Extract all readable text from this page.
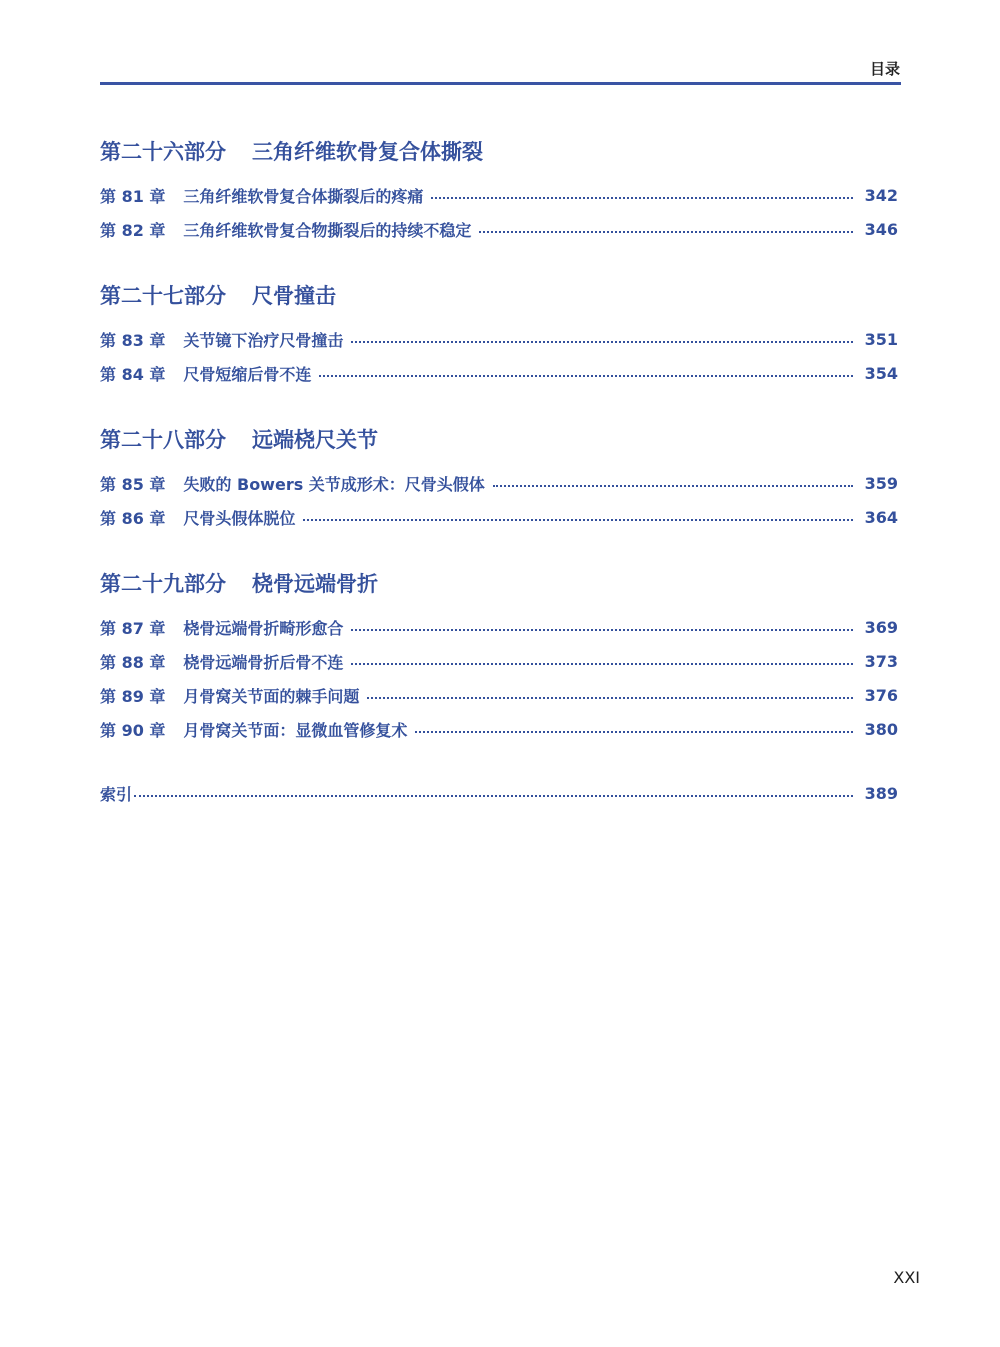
目录
第二十六部分 三角纤维软骨复合体撕裂
第 81 章 三角纤维软骨复合体撕裂后的疼痛	342
第 82 章 三角纤维软骨复合物撕裂后的持续不稳定	346
第二十七部分 尺骨撞击
第 83 章 关节镜下治疗尺骨撞击	351
第 84 章 尺骨短缩后骨不连	354
第二十八部分 远端桡尺关节
第 85 章 失败的 Bowers 关节成形术：尺骨头假体	359
第 86 章 尺骨头假体脱位	364
第二十九部分 桡骨远端骨折
第 87 章 桡骨远端骨折畸形愈合	369
第 88 章 桡骨远端骨折后骨不连	373
第 89 章 月骨窝关节面的棘手问题	376
第 90 章 月骨窝关节面：显微血管修复术	380
索引	389
XXI
